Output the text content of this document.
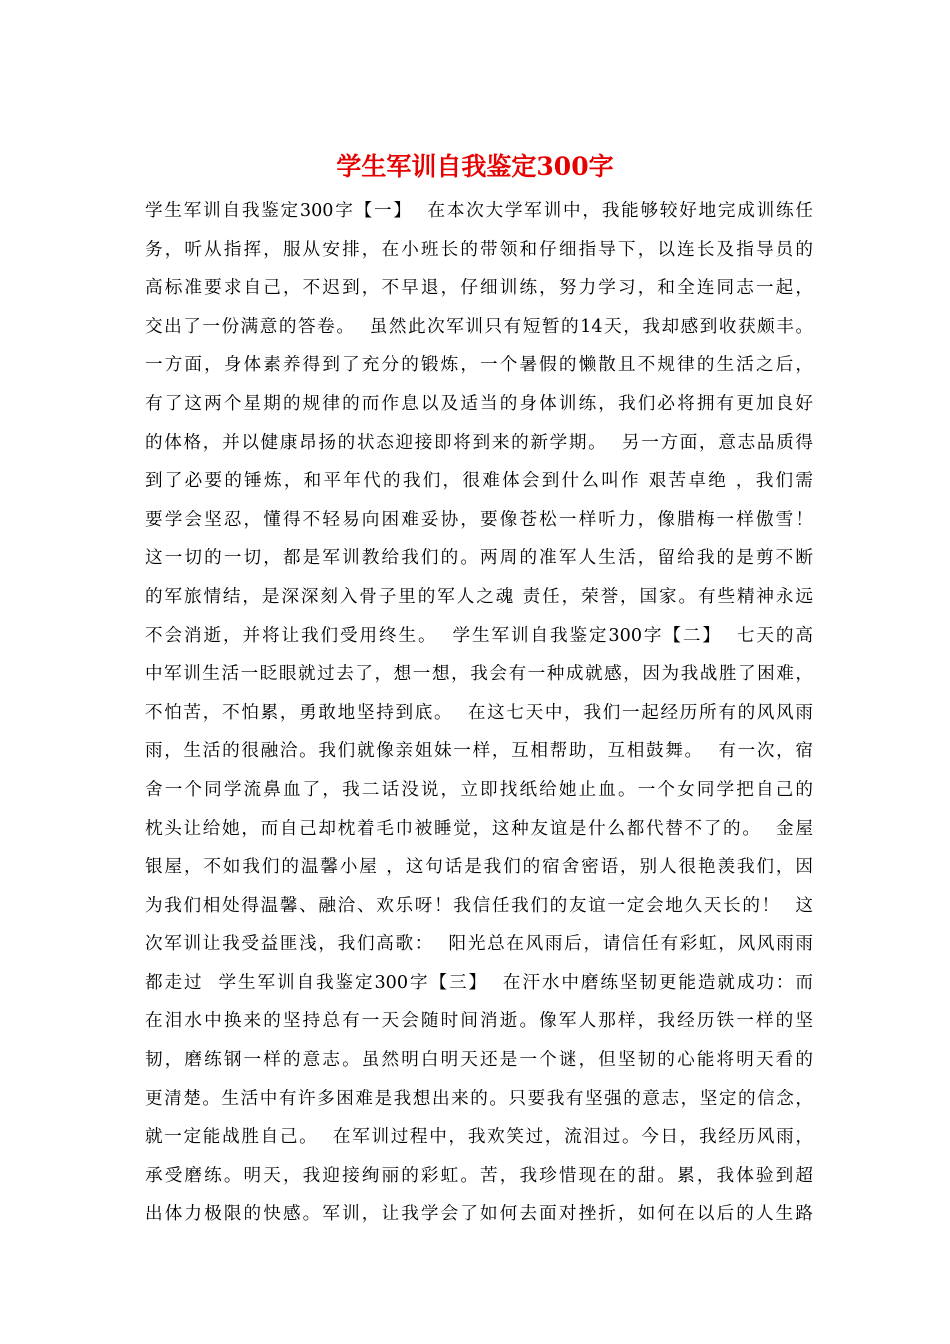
学生军训自我鉴定300字
学生军训自我鉴定300字【一】  在本次大学军训中，我能够较好地完成训练任
务，听从指挥，服从安排，在小班长的带领和仔细指导下，以连长及指导员的
高标准要求自己，不迟到，不早退，仔细训练，努力学习，和全连同志一起，
交出了一份满意的答卷。  虽然此次军训只有短暂的14天，我却感到收获颇丰。
一方面，身体素养得到了充分的锻炼，一个暑假的懒散且不规律的生活之后，
有了这两个星期的规律的而作息以及适当的身体训练，我们必将拥有更加良好
的体格，并以健康昂扬的状态迎接即将到来的新学期。  另一方面，意志品质得
到了必要的锤炼，和平年代的我们，很难体会到什么叫作 艰苦卓绝 ，我们需
要学会坚忍，懂得不轻易向困难妥协，要像苍松一样听力，像腊梅一样傲雪！
这一切的一切，都是军训教给我们的。两周的准军人生活，留给我的是剪不断
的军旅情结，是深深刻入骨子里的军人之魂 责任，荣誉，国家。有些精神永远
不会消逝，并将让我们受用终生。  学生军训自我鉴定300字【二】  七天的高
中军训生活一眨眼就过去了，想一想，我会有一种成就感，因为我战胜了困难，
不怕苦，不怕累，勇敢地坚持到底。  在这七天中，我们一起经历所有的风风雨
雨，生活的很融洽。我们就像亲姐妹一样，互相帮助，互相鼓舞。  有一次，宿
舍一个同学流鼻血了，我二话没说，立即找纸给她止血。一个女同学把自己的
枕头让给她，而自己却枕着毛巾被睡觉，这种友谊是什么都代替不了的。  金屋
银屋，不如我们的温馨小屋 ，这句话是我们的宿舍密语，别人很艳羡我们，因
为我们相处得温馨、融洽、欢乐呀！我信任我们的友谊一定会地久天长的！  这
次军训让我受益匪浅，我们高歌：  阳光总在风雨后，请信任有彩虹，风风雨雨
都走过  学生军训自我鉴定300字【三】  在汗水中磨练坚韧更能造就成功：而
在泪水中换来的坚持总有一天会随时间消逝。像军人那样，我经历铁一样的坚
韧，磨练钢一样的意志。虽然明白明天还是一个谜，但坚韧的心能将明天看的
更清楚。生活中有许多困难是我想出来的。只要我有坚强的意志，坚定的信念，
就一定能战胜自己。  在军训过程中，我欢笑过，流泪过。今日，我经历风雨，
承受磨练。明天，我迎接绚丽的彩虹。苦，我珍惜现在的甜。累，我体验到超
出体力极限的快感。军训，让我学会了如何去面对挫折，如何在以后的人生路
